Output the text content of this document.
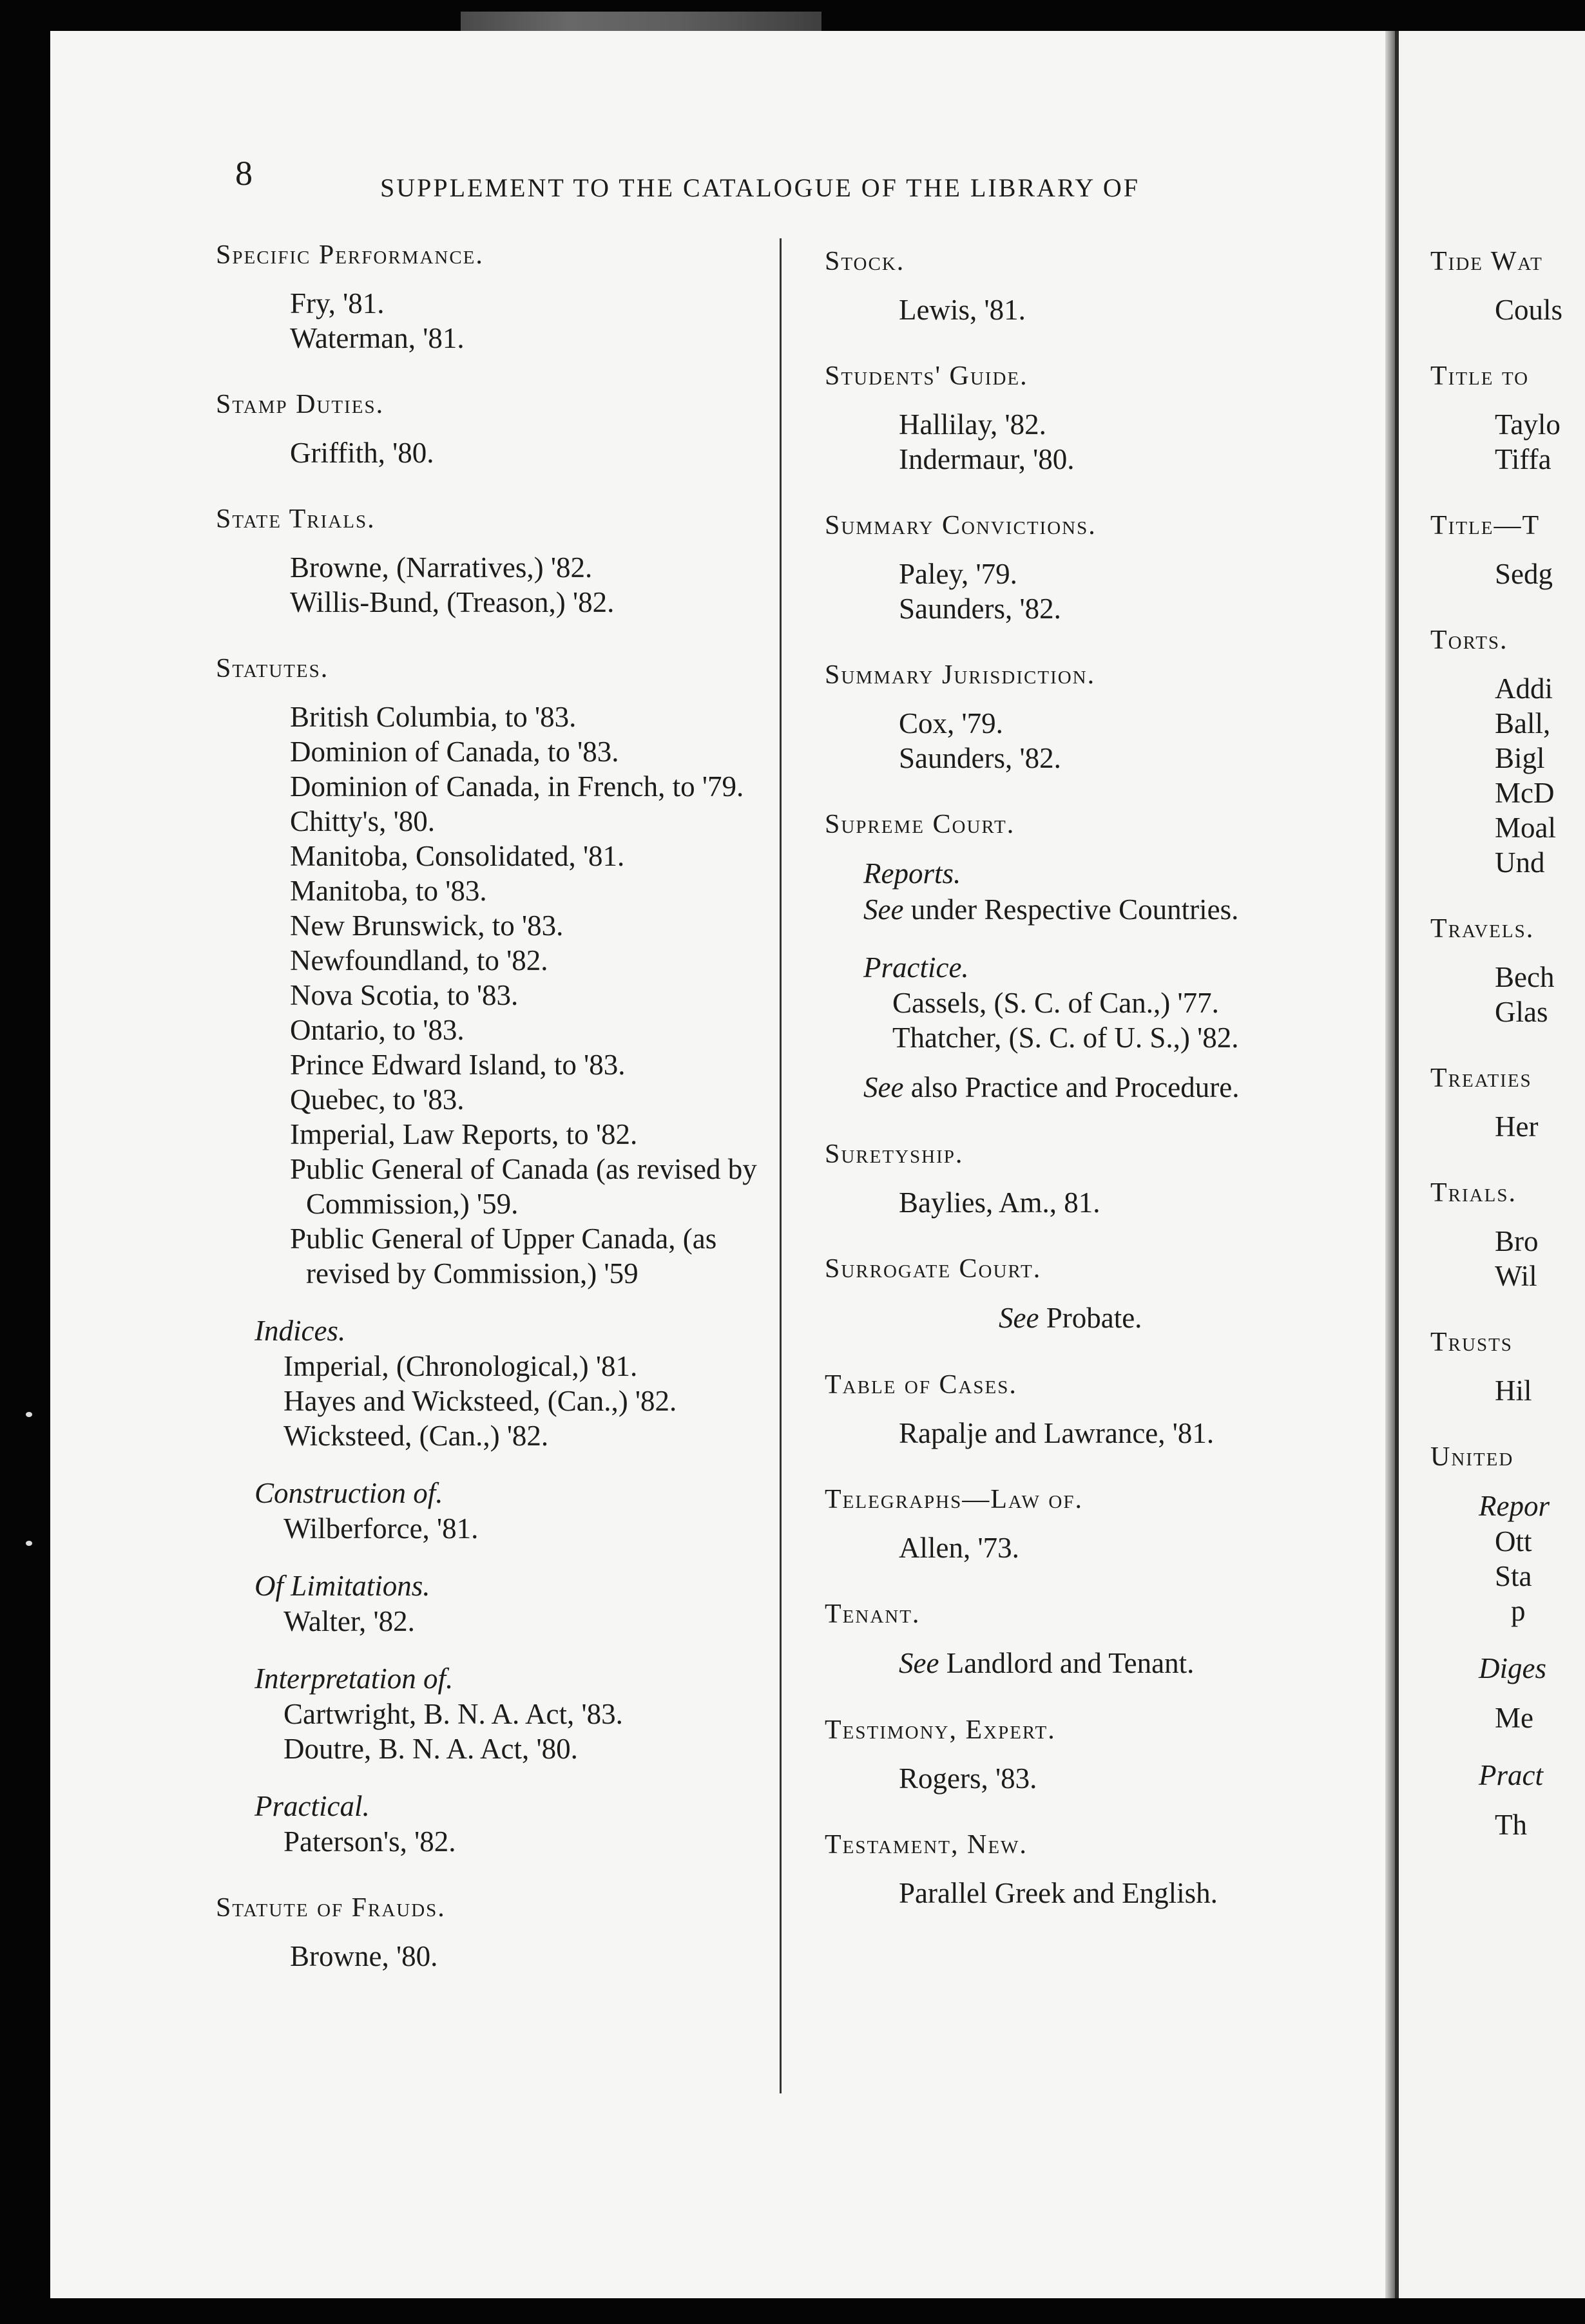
8	SUPPLEMENT TO THE CATALOGUE OF THE LIBRARY OF
Specific Performance.
Fry, '81.
Waterman, '81.
Stamp Duties.
Griffith, '80.
State Trials.
Browne, (Narratives,) '82.
Willis-Bund, (Treason,) '82.
Statutes.
British Columbia, to '83.
Dominion of Canada, to '83.
Dominion of Canada, in French, to '79.
Chitty's, '80.
Manitoba, Consolidated, '81.
Manitoba, to '83.
New Brunswick, to '83.
Newfoundland, to '82.
Nova Scotia, to '83.
Ontario, to '83.
Prince Edward Island, to '83.
Quebec, to '83.
Imperial, Law Reports, to '82.
Public General of Canada (as revised by Commission,) '59.
Public General of Upper Canada, (as revised by Commission,) '59
Indices.
Imperial, (Chronological,) '81.
Hayes and Wicksteed, (Can.,) '82.
Wicksteed, (Can.,) '82.
Construction of.
Wilberforce, '81.
Of Limitations.
Walter, '82.
Interpretation of.
Cartwright, B. N. A. Act, '83.
Doutre, B. N. A. Act, '80.
Practical.
Paterson's, '82.
Statute of Frauds.
Browne, '80.
Stock.
Lewis, '81.
Students' Guide.
Hallilay, '82.
Indermaur, '80.
Summary Convictions.
Paley, '79.
Saunders, '82.
Summary Jurisdiction.
Cox, '79.
Saunders, '82.
Supreme Court.
Reports.
See under Respective Countries.
Practice.
Cassels, (S. C. of Can.,) '77.
Thatcher, (S. C. of U. S.,) '82.
See also Practice and Procedure.
Suretyship.
Baylies, Am., 81.
Surrogate Court.
See Probate.
Table of Cases.
Rapalje and Lawrance, '81.
Telegraphs—Law of.
Allen, '73.
Tenant.
See Landlord and Tenant.
Testimony, Expert.
Rogers, '83.
Testament, New.
Parallel Greek and English.
Tide Wat
Couls
Title to
Taylo
Tiffa
Title—T
Sedg
Torts.
Addi
Ball,
Bigl
McD
Moal
Und
Travels.
Bech
Glas
Treaties
Her
Trials.
Bro
Wil
Trusts
Hil
United
Repor
Ott
Sta
p
Diges
Me
Pract
Th
